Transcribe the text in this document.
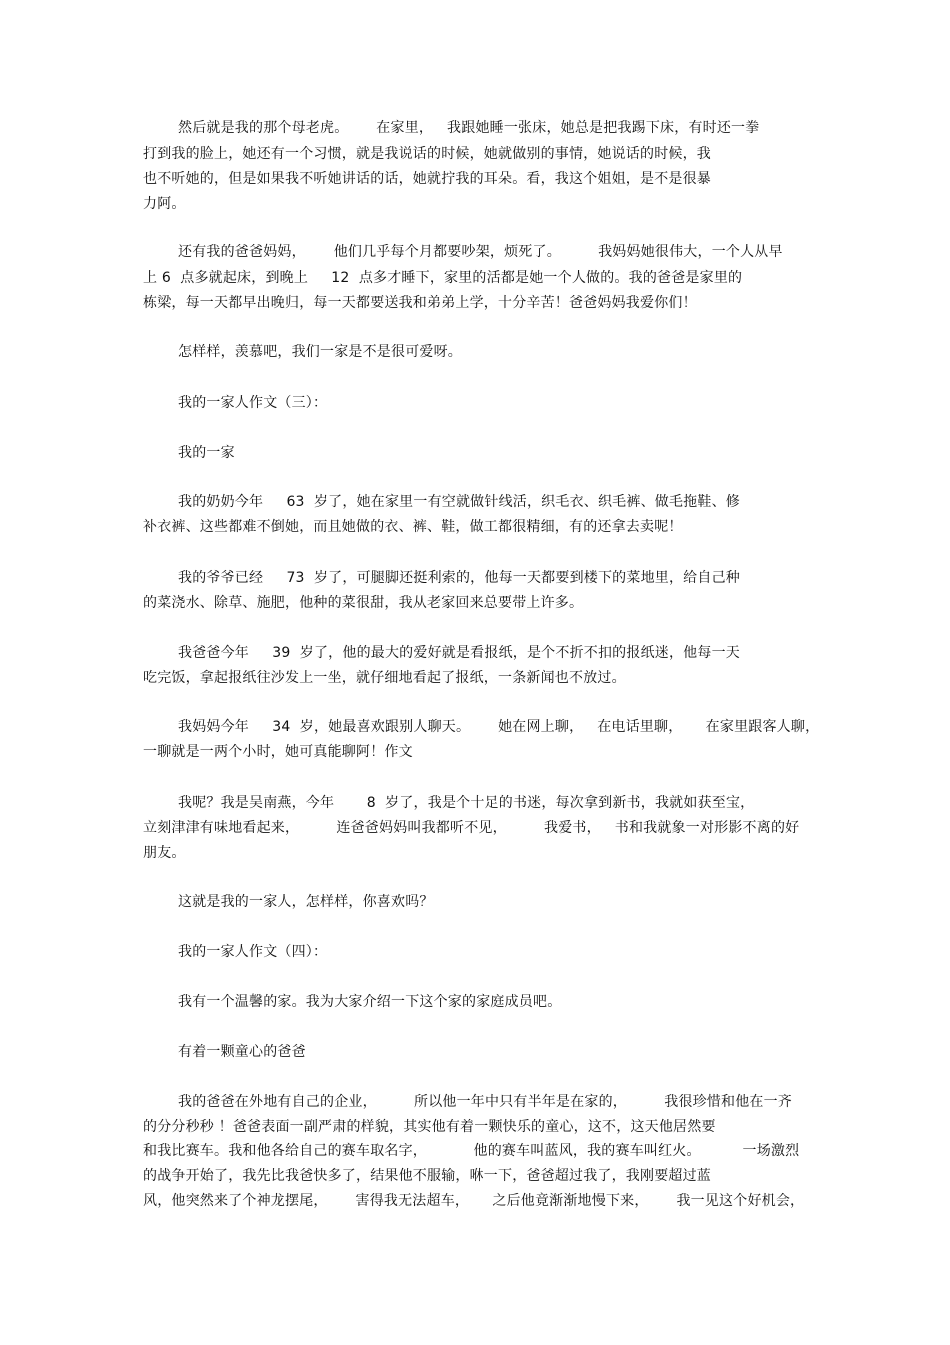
然后就是我的那个母老虎。      在家里，   我跟她睡一张床，她总是把我踢下床，有时还一拳
打到我的脸上，她还有一个习惯，就是我说话的时候，她就做别的事情，她说话的时候，我
也不听她的，但是如果我不听她讲话的话，她就拧我的耳朵。看，我这个姐姐，是不是很暴
力阿。
还有我的爸爸妈妈，      他们几乎每个月都要吵架，烦死了。        我妈妈她很伟大，一个人从早
上 6  点多就起床，到晚上     12  点多才睡下，家里的活都是她一个人做的。我的爸爸是家里的
栋梁，每一天都早出晚归，每一天都要送我和弟弟上学，十分辛苦！爸爸妈妈我爱你们！
怎样样，羡慕吧，我们一家是不是很可爱呀。
我的一家人作文（三）：
我的一家
我的奶奶今年     63  岁了，她在家里一有空就做针线活，织毛衣、织毛裤、做毛拖鞋、修
补衣裤、这些都难不倒她，而且她做的衣、裤、鞋，做工都很精细，有的还拿去卖呢！
我的爷爷已经     73  岁了，可腿脚还挺利索的，他每一天都要到楼下的菜地里，给自己种
的菜浇水、除草、施肥，他种的菜很甜，我从老家回来总要带上许多。
我爸爸今年     39  岁了，他的最大的爱好就是看报纸，是个不折不扣的报纸迷，他每一天
吃完饭，拿起报纸往沙发上一坐，就仔细地看起了报纸，一条新闻也不放过。
我妈妈今年     34  岁，她最喜欢跟别人聊天。      她在网上聊，   在电话里聊，     在家里跟客人聊，
一聊就是一两个小时，她可真能聊阿！作文
我呢？我是吴南燕，今年       8  岁了，我是个十足的书迷，每次拿到新书，我就如获至宝，
立刻津津有味地看起来，        连爸爸妈妈叫我都听不见，        我爱书，   书和我就象一对形影不离的好
朋友。
这就是我的一家人，怎样样，你喜欢吗？
我的一家人作文（四）：
我有一个温馨的家。我为大家介绍一下这个家的家庭成员吧。
有着一颗童心的爸爸
我的爸爸在外地有自己的企业，        所以他一年中只有半年是在家的，        我很珍惜和他在一齐
的分分秒秒 ！爸爸表面一副严肃的样貌，其实他有着一颗快乐的童心，这不，这天他居然要
和我比赛车。我和他各给自己的赛车取名字，          他的赛车叫蓝风，我的赛车叫红火。         一场激烈
的战争开始了，我先比我爸快多了，结果他不服输，咻一下，爸爸超过我了，我刚要超过蓝
风，他突然来了个神龙摆尾，      害得我无法超车，     之后他竟渐渐地慢下来，      我一见这个好机会，
